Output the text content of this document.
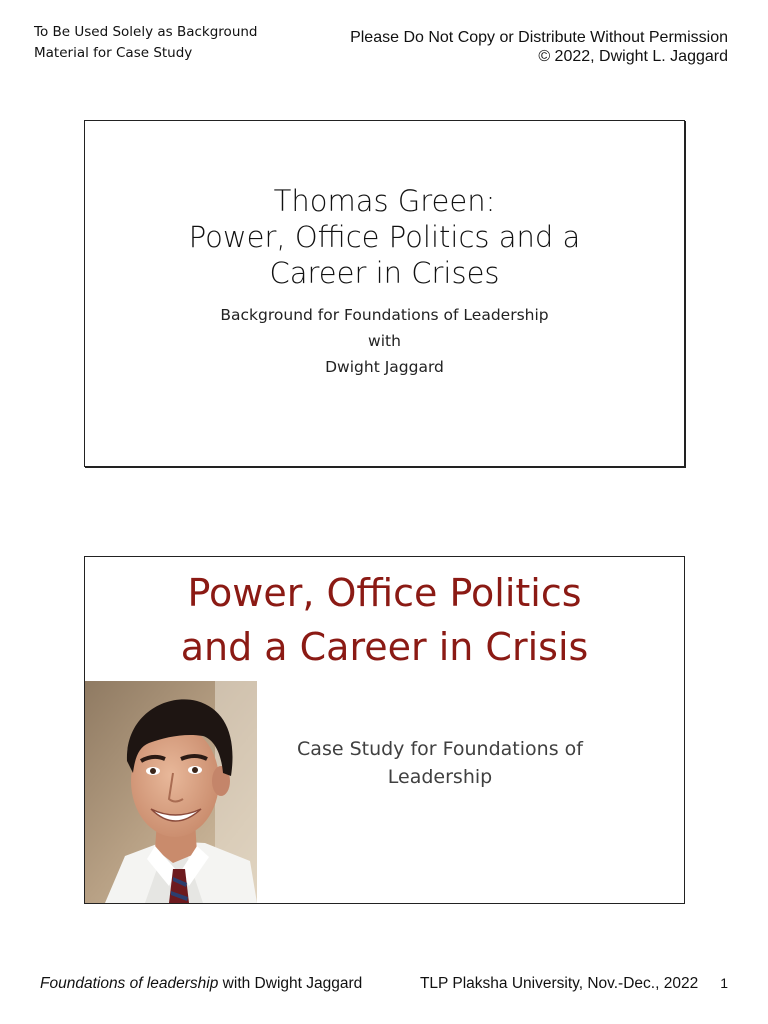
To Be Used Solely as Background
Material for Case Study
Please Do Not Copy or Distribute Without Permission
© 2022, Dwight L. Jaggard
Thomas Green:
Power, Office Politics and a
Career in Crises
Background for Foundations of Leadership
with
Dwight Jaggard
Power, Office Politics
and a Career in Crisis
Case Study for Foundations of
Leadership
Foundations of leadership with Dwight Jaggard	TLP Plaksha University, Nov.-Dec., 2022 1
